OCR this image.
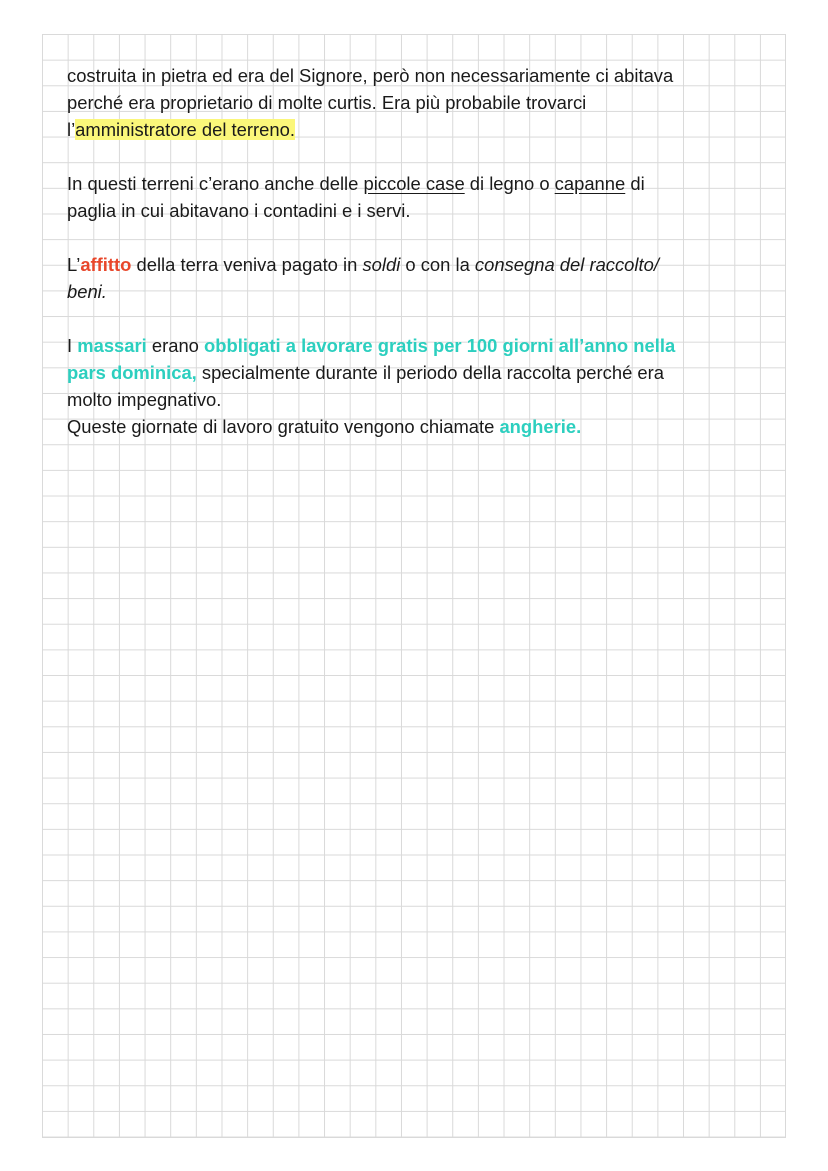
costruita in pietra ed era del Signore, però non necessariamente ci abitava
perché era proprietario di molte curtis. Era più probabile trovarci
l’amministratore del terreno.

In questi terreni c’erano anche delle piccole case di legno o capanne di
paglia in cui abitavano i contadini e i servi.

L’affitto della terra veniva pagato in soldi o con la consegna del raccolto/
beni.

I massari erano obbligati a lavorare gratis per 100 giorni all’anno nella
pars dominica, specialmente durante il periodo della raccolta perché era
molto impegnativo.

Queste giornate di lavoro gratuito vengono chiamate angherie.
